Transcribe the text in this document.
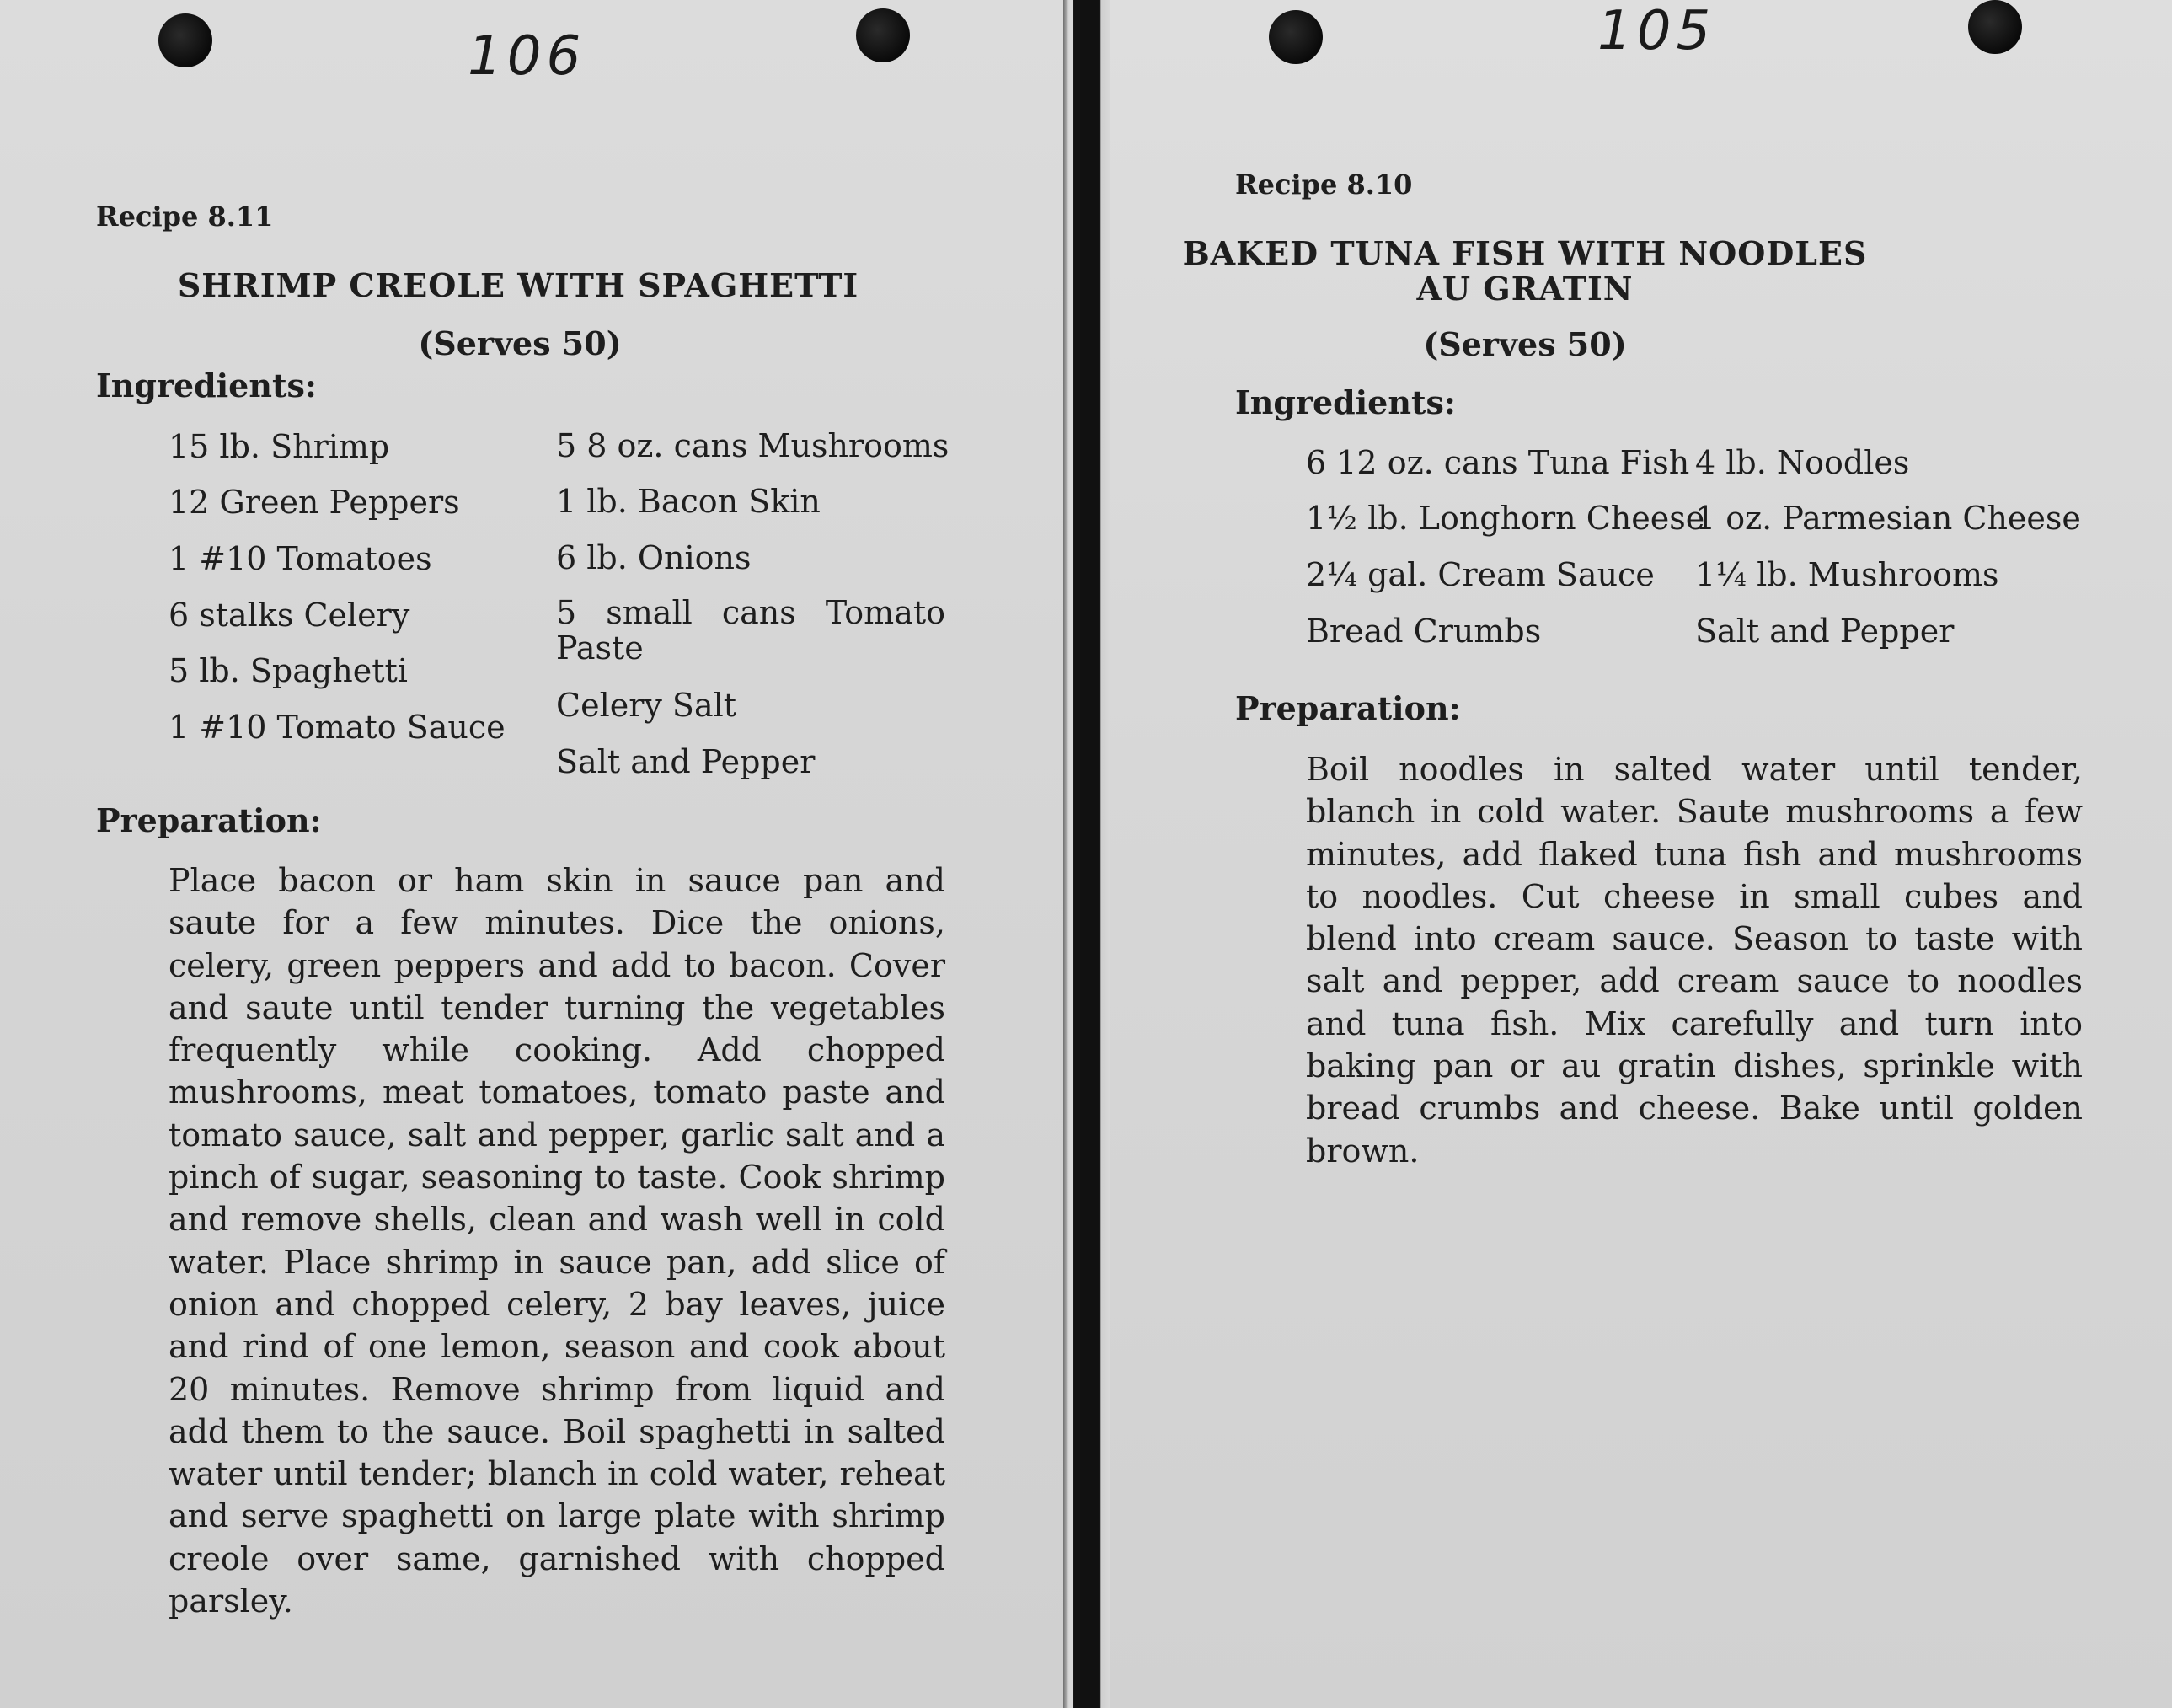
106
Recipe 8.11
SHRIMP CREOLE WITH SPAGHETTI
(Serves 50)
Ingredients:
15 lb. Shrimp
12 Green Peppers
1 #10 Tomatoes
6 stalks Celery
5 lb. Spaghetti
1 #10 Tomato Sauce
5 8 oz. cans Mushrooms
1 lb. Bacon Skin
6 lb. Onions
5 small cans Tomato Paste
Celery Salt
Salt and Pepper
Preparation:
Place bacon or ham skin in sauce pan and saute for a few minutes. Dice the onions, celery, green peppers and add to bacon. Cover and saute until tender turning the vegetables frequently while cooking. Add chopped mushrooms, meat tomatoes, tomato paste and tomato sauce, salt and pepper, garlic salt and a pinch of sugar, seasoning to taste. Cook shrimp and remove shells, clean and wash well in cold water. Place shrimp in sauce pan, add slice of onion and chopped celery, 2 bay leaves, juice and rind of one lemon, season and cook about 20 minutes. Remove shrimp from liquid and add them to the sauce. Boil spaghetti in salted water until tender; blanch in cold water, reheat and serve spaghetti on large plate with shrimp creole over same, garnished with chopped parsley.
105
Recipe 8.10
BAKED TUNA FISH WITH NOODLES
AU GRATIN
(Serves 50)
Ingredients:
6 12 oz. cans Tuna Fish
1½ lb. Longhorn Cheese
2¼ gal. Cream Sauce
Bread Crumbs
4 lb. Noodles
1 oz. Parmesian Cheese
1¼ lb. Mushrooms
Salt and Pepper
Preparation:
Boil noodles in salted water until tender, blanch in cold water. Saute mushrooms a few minutes, add flaked tuna fish and mushrooms to noodles. Cut cheese in small cubes and blend into cream sauce. Season to taste with salt and pepper, add cream sauce to noodles and tuna fish. Mix carefully and turn into baking pan or au gratin dishes, sprinkle with bread crumbs and cheese. Bake until golden brown.
